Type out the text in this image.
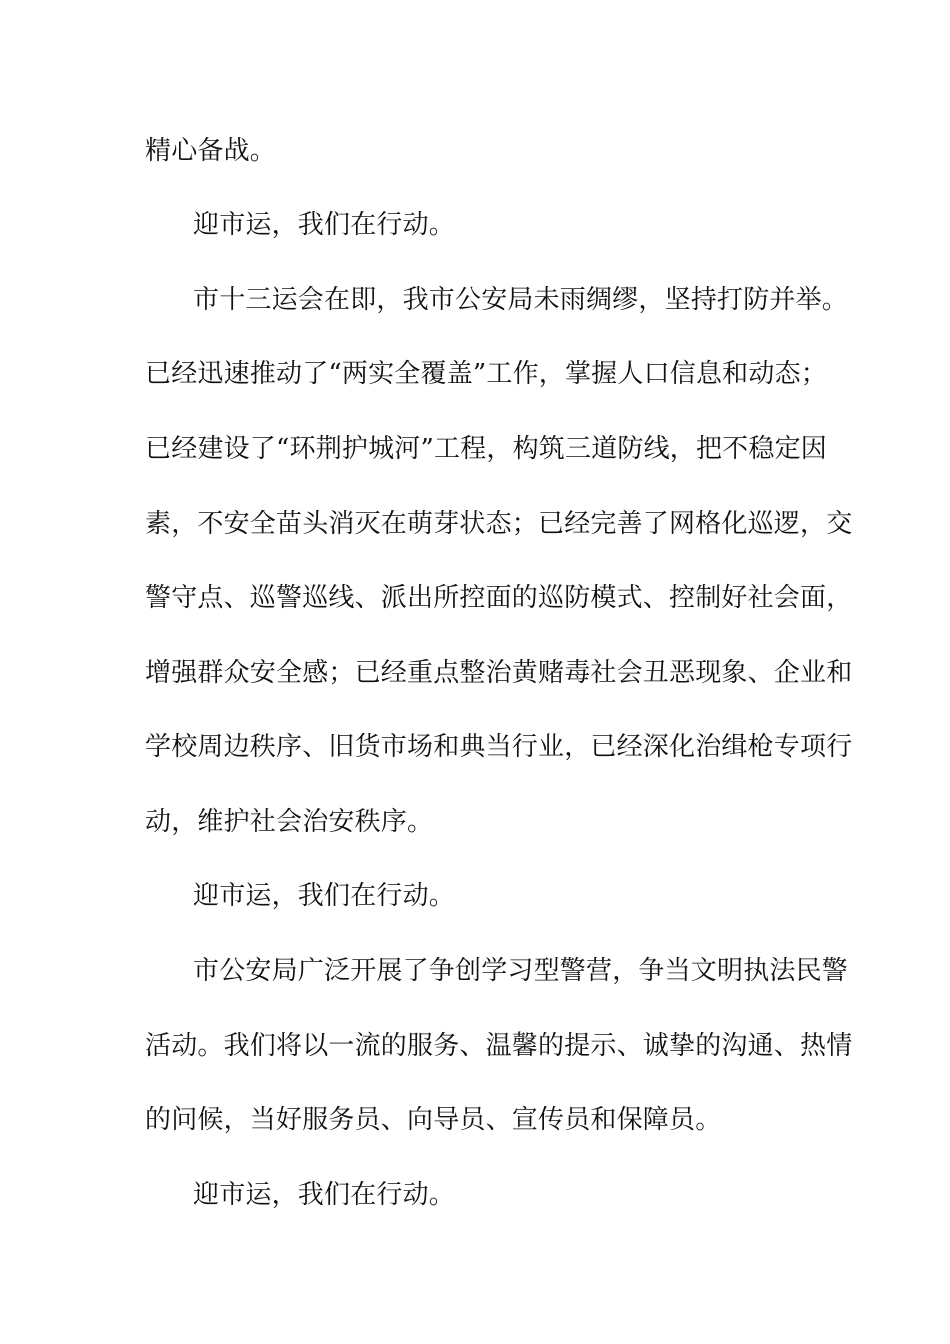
精心备战。
迎市运，我们在行动。
市十三运会在即，我市公安局未雨绸缪，坚持打防并举。
已经迅速推动了“两实全覆盖”工作，掌握人口信息和动态；
已经建设了“环荆护城河”工程，构筑三道防线，把不稳定因
素，不安全苗头消灭在萌芽状态；已经完善了网格化巡逻，交
警守点、巡警巡线、派出所控面的巡防模式、控制好社会面，
增强群众安全感；已经重点整治黄赌毒社会丑恶现象、企业和
学校周边秩序、旧货市场和典当行业，已经深化治缉枪专项行
动，维护社会治安秩序。
迎市运，我们在行动。
市公安局广泛开展了争创学习型警营，争当文明执法民警
活动。我们将以一流的服务、温馨的提示、诚挚的沟通、热情
的问候，当好服务员、向导员、宣传员和保障员。
迎市运，我们在行动。
